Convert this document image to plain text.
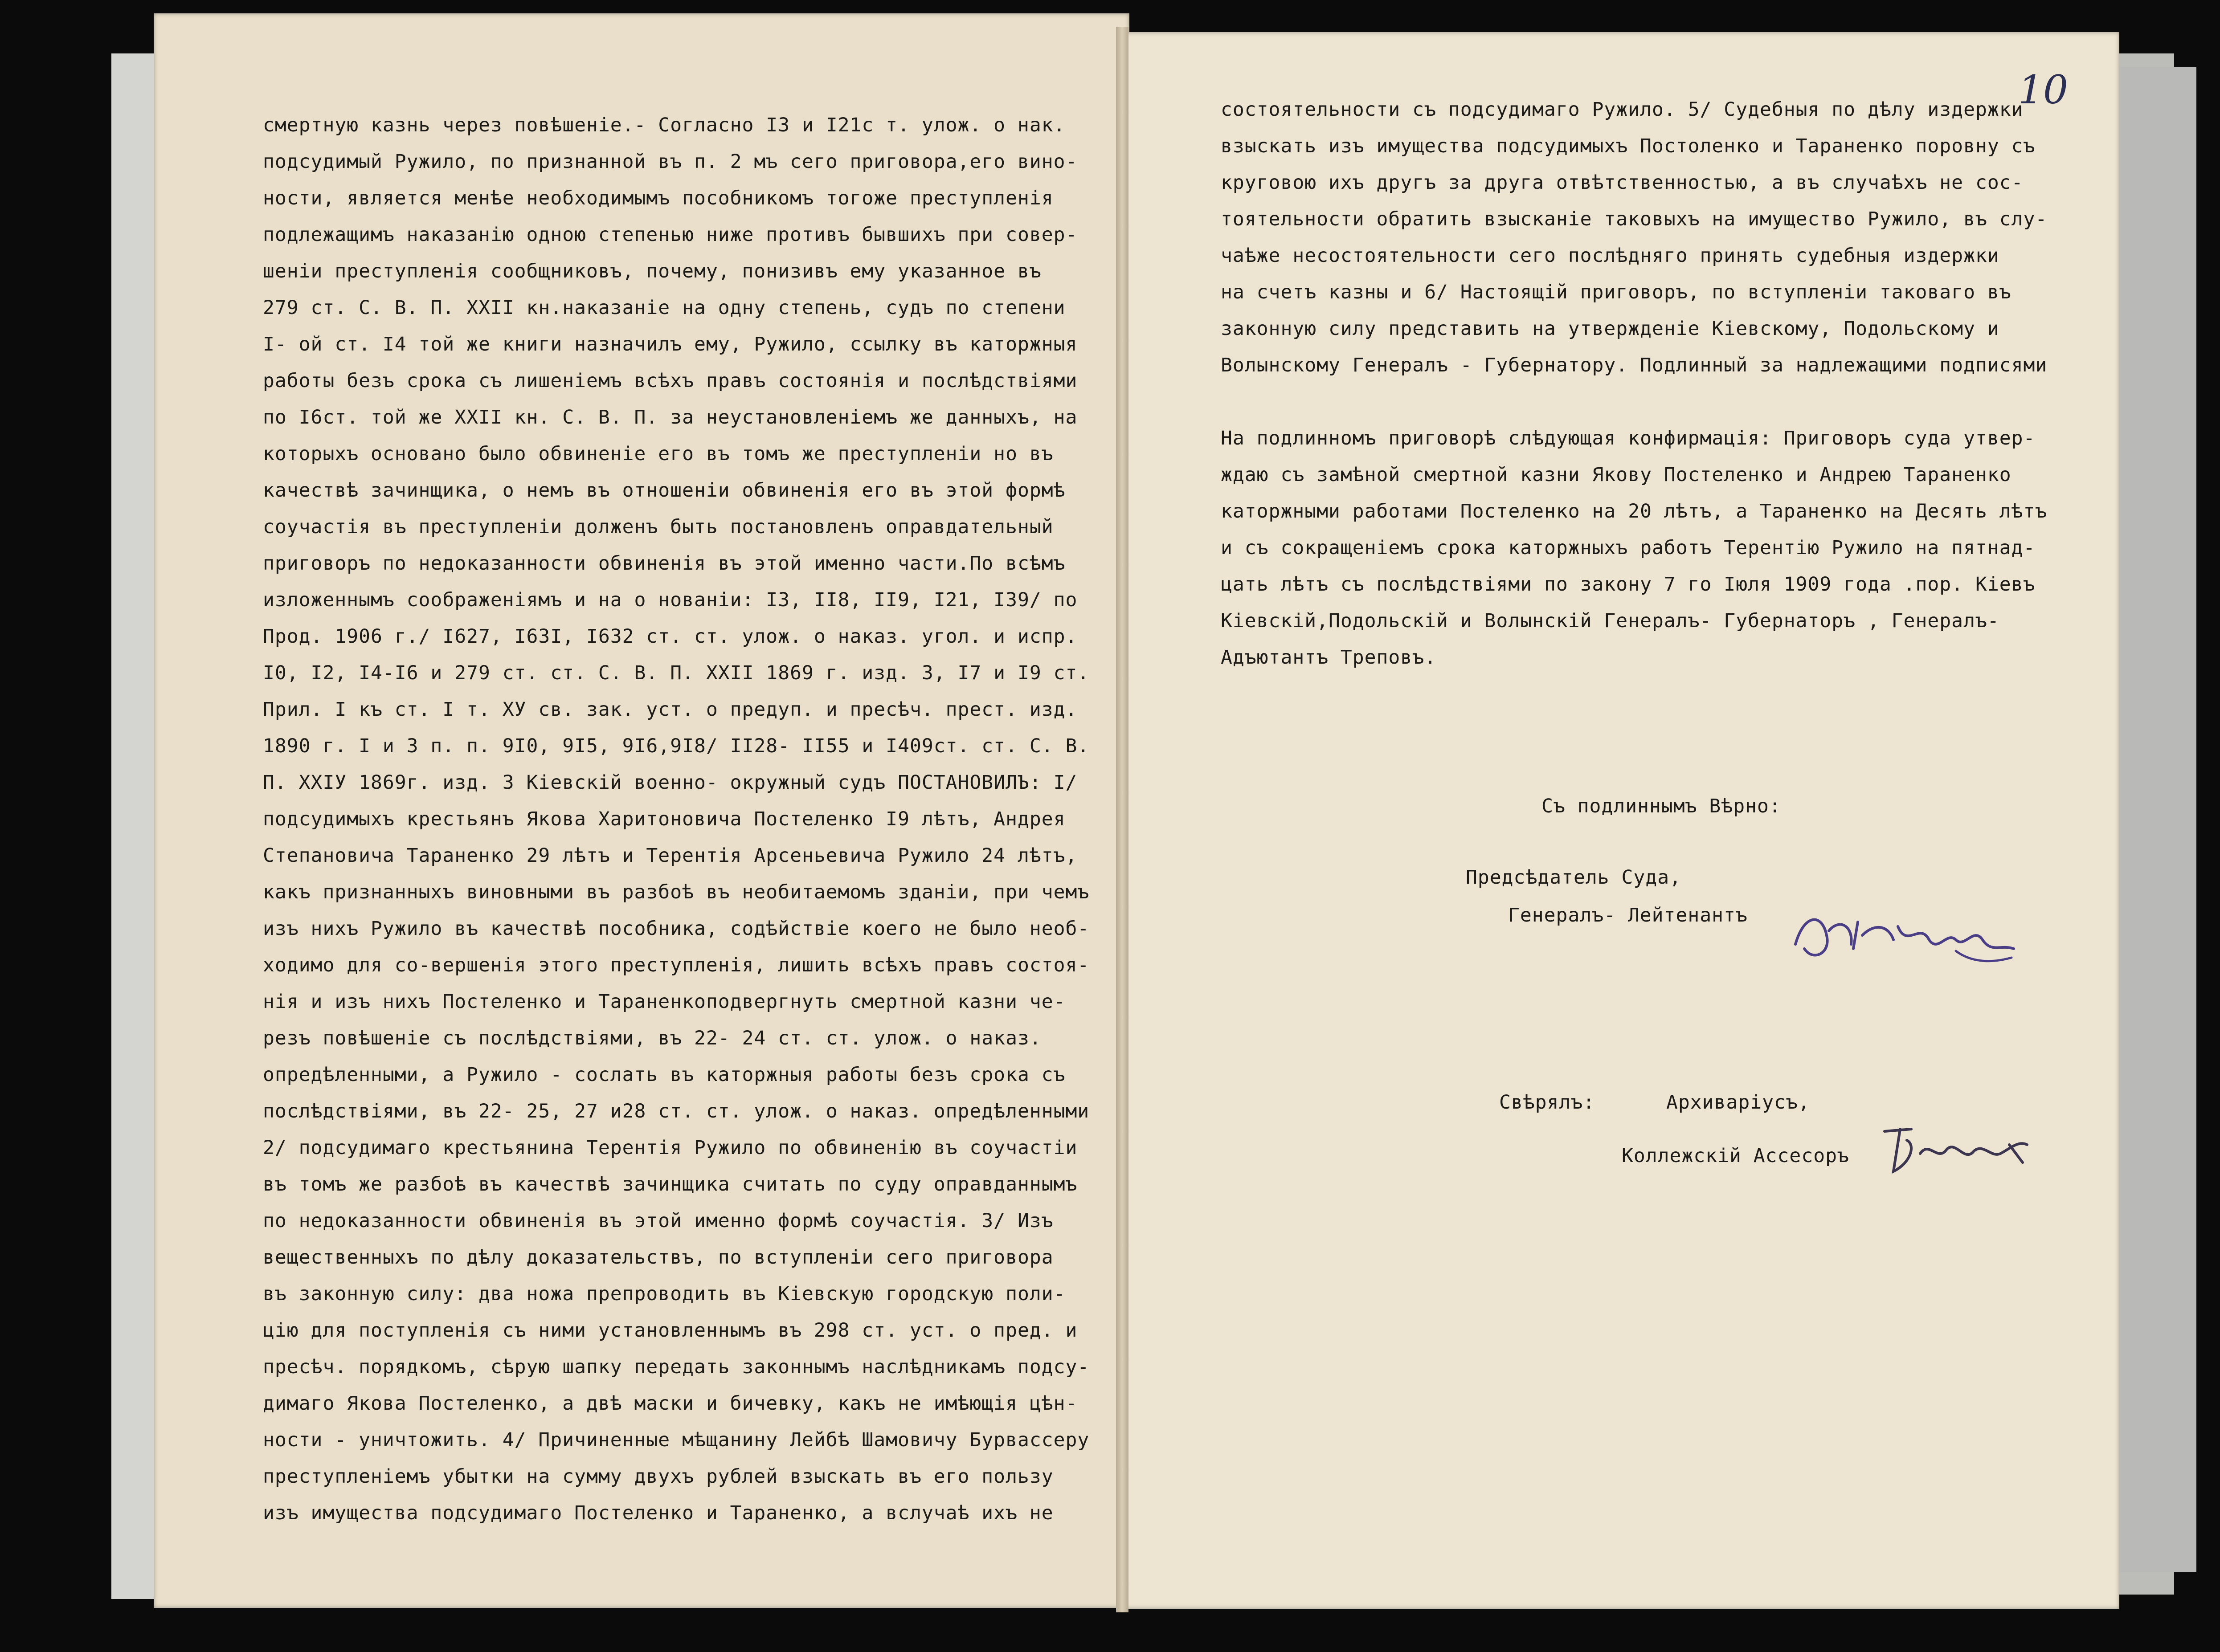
10
смертную казнь через повѣшеніе.- Согласно I3 и I21с т. улож. о нак.
подсудимый Ружило, по признанной въ п. 2 мъ сего приговора,его вино-
ности, является менѣе необходимымъ пособникомъ тогоже преступленія
подлежащимъ наказанію одною степенью ниже противъ бывшихъ при совер-
шеніи преступленія сообщниковъ, почему, понизивъ ему указанное въ
279 ст. С. В. П. XXII кн.наказаніе на одну степень, судъ по степени
I- ой ст. I4 той же книги назначилъ ему, Ружило, ссылку въ каторжныя
работы безъ срока съ лишеніемъ всѣхъ правъ состоянія и послѣдствіями
по I6ст. той же XXII кн. С. В. П. за неустановленіемъ же данныхъ, на
которыхъ основано было обвиненіе его въ томъ же преступленіи но въ
качествѣ зачинщика, о немъ въ отношеніи обвиненія его въ этой формѣ
соучастія въ преступленіи долженъ быть постановленъ оправдательный
приговоръ по недоказанности обвиненія въ этой именно части.По всѣмъ
изложеннымъ соображеніямъ и на о нованіи: I3, II8, II9, I21, I39/ по
Прод. 1906 г./ I627, I63I, I632 ст. ст. улож. о наказ. угол. и испр.
I0, I2, I4-I6 и 279 ст. ст. С. В. П. XXII 1869 г. изд. 3, I7 и I9 ст.
Прил. I къ ст. I т. ХУ св. зак. уст. о предуп. и пресѣч. прест. изд.
1890 г. I и 3 п. п. 9I0, 9I5, 9I6,9I8/ II28- II55 и I409ст. ст. С. В.
П. XXIУ 1869г. изд. 3 Кіевскій военно- окружный судъ ПОСТАНОВИЛЪ: I/
подсудимыхъ крестьянъ Якова Харитоновича Постеленко I9 лѣтъ, Андрея
Степановича Тараненко 29 лѣтъ и Терентія Арсеньевича Ружило 24 лѣтъ,
какъ признанныхъ виновными въ разбоѣ въ необитаемомъ зданіи, при чемъ
изъ нихъ Ружило въ качествѣ пособника, содѣйствіе коего не было необ-
ходимо для со-вершенія этого преступленія, лишить всѣхъ правъ состоя-
нія и изъ нихъ Постеленко и Тараненкоподвергнуть смертной казни че-
резъ повѣшеніе съ послѣдствіями, въ 22- 24 ст. ст. улож. о наказ.
опредѣленными, а Ружило - сослать въ каторжныя работы безъ срока съ
послѣдствіями, въ 22- 25, 27 и28 ст. ст. улож. о наказ. опредѣленными
2/ подсудимаго крестьянина Терентія Ружило по обвиненію въ соучастіи
въ томъ же разбоѣ въ качествѣ зачинщика считать по суду оправданнымъ
по недоказанности обвиненія въ этой именно формѣ соучастія. 3/ Изъ
вещественныхъ по дѣлу доказательствъ, по вступленіи сего приговора
въ законную силу: два ножа препроводить въ Кіевскую городскую поли-
цію для поступленія съ ними установленнымъ въ 298 ст. уст. о пред. и
пресѣч. порядкомъ, сѣрую шапку передать законнымъ наслѣдникамъ подсу-
димаго Якова Постеленко, а двѣ маски и бичевку, какъ не имѣющія цѣн-
ности - уничтожить. 4/ Причиненные мѣщанину Лейбѣ Шамовичу Бурвассеру
преступленіемъ убытки на сумму двухъ рублей взыскать въ его пользу
изъ имущества подсудимаго Постеленко и Тараненко, а вслучаѣ ихъ не
состоятельности съ подсудимаго Ружило. 5/ Судебныя по дѣлу издержки
взыскать изъ имущества подсудимыхъ Постоленко и Тараненко поровну съ
круговою ихъ другъ за друга отвѣтственностью, а въ случаѣхъ не сос-
тоятельности обратить взысканіе таковыхъ на имущество Ружило, въ слу-
чаѣже несостоятельности сего послѣдняго принять судебныя издержки
на счетъ казны и 6/ Настоящій приговоръ, по вступленіи таковаго въ
законную силу представить на утвержденіе Кіевскому, Подольскому и
Волынскому Генералъ - Губернатору. Подлинный за надлежащими подписями
На подлинномъ приговорѣ слѣдующая конфирмація: Приговоръ суда утвер-
ждаю съ замѣной смертной казни Якову Постеленко и Андрею Тараненко
каторжными работами Постеленко на 20 лѣтъ, а Тараненко на Десять лѣтъ
и съ сокращеніемъ срока каторжныхъ работъ Терентію Ружило на пятнад-
цать лѣтъ съ послѣдствіями по закону 7 го Іюля 1909 года .пор. Кіевъ
Кіевскій,Подольскій и Волынскій Генералъ- Губернаторъ , Генералъ-
Адъютантъ Треповъ.
Съ подлиннымъ Вѣрно:
Предсѣдатель Суда,
Генералъ- Лейтенантъ
Свѣрялъ:	Архиваріусъ,
Коллежскій Ассесоръ
